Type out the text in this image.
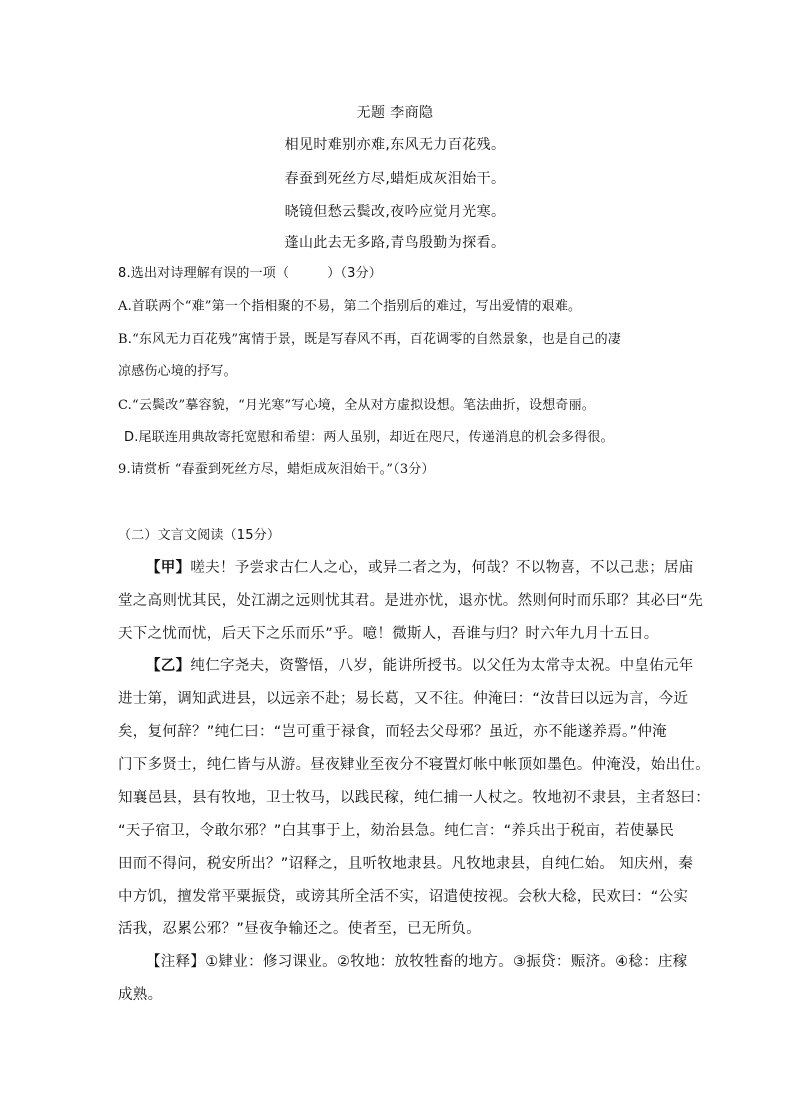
无题 李商隐
相见时难别亦难,东风无力百花残。
春蚕到死丝方尽,蜡炬成灰泪始干。
晓镜但愁云鬓改,夜吟应觉月光寒。
蓬山此去无多路,青鸟殷勤为探看。
8.选出对诗理解有误的一项（	）（3分）
A.首联两个“难”第一个指相聚的不易，第二个指别后的难过，写出爱情的艰难。
B.“东风无力百花残”寓情于景，既是写春风不再，百花调零的自然景象，也是自己的凄
凉感伤心境的抒写。
C.“云鬓改”摹容貌，“月光寒”写心境，全从对方虚拟设想。笔法曲折，设想奇丽。
D.尾联连用典故寄托宽慰和希望：两人虽别，却近在咫尺，传递消息的机会多得很。
9.请赏析 “春蚕到死丝方尽，蜡炬成灰泪始干。”（3分）
（二）文言文阅读（15分）
【甲】嗟夫！予尝求古仁人之心，或异二者之为，何哉？不以物喜，不以己悲；居庙
堂之高则忧其民，处江湖之远则忧其君。是进亦忧，退亦忧。然则何时而乐耶？其必曰“先
天下之忧而忧，后天下之乐而乐”乎。噫！微斯人，吾谁与归？时六年九月十五日。
【乙】纯仁字尧夫，资警悟，八岁，能讲所授书。以父任为太常寺太祝。中皇佑元年
进士第，调知武进县，以远亲不赴；易长葛，又不往。仲淹曰：“汝昔曰以远为言，今近
矣，复何辞？”纯仁曰：“岂可重于禄食，而轻去父母邪？虽近，亦不能遂养焉。”仲淹
门下多贤士，纯仁皆与从游。昼夜肄业至夜分不寝置灯帐中帐顶如墨色。仲淹没，始出仕。
知襄邑县，县有牧地，卫士牧马，以践民稼，纯仁捕一人杖之。牧地初不隶县，主者怒曰：
“天子宿卫，令敢尔邪？”白其事于上，劾治县急。纯仁言：“养兵出于税亩，若使暴民
田而不得问，税安所出？”诏释之，且听牧地隶县。凡牧地隶县，自纯仁始。 知庆州，秦
中方饥，擅发常平粟振贷，或谤其所全活不实，诏遣使按视。会秋大稔，民欢曰：“公实
活我，忍累公邪？”昼夜争输还之。使者至，已无所负。
【注释】①肄业：修习课业。②牧地：放牧牲畜的地方。③振贷：赈济。④稔：庄稼
成熟。
